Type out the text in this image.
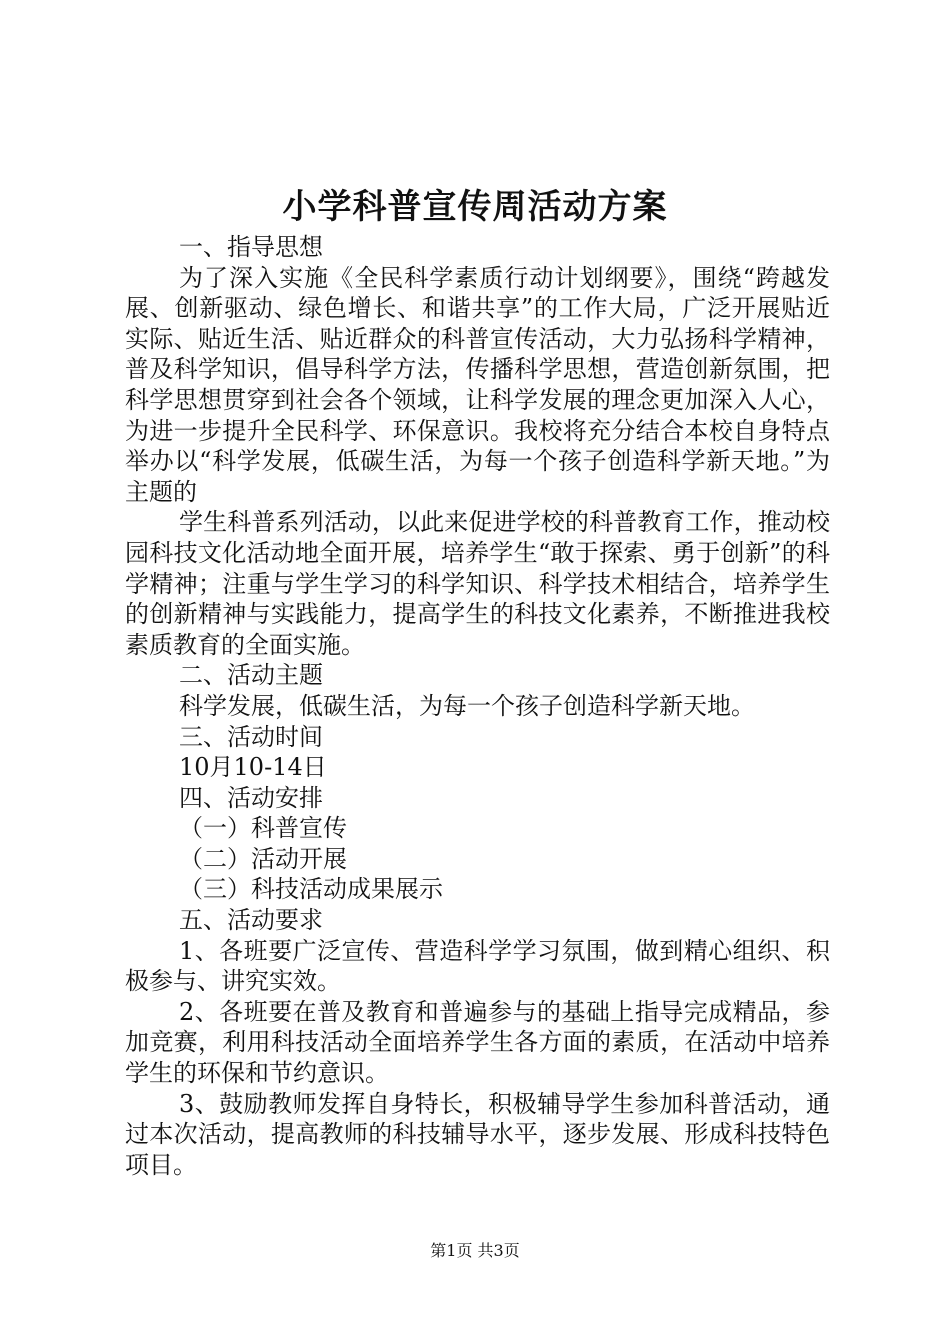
小学科普宣传周活动方案

一、指导思想

为了深入实施《全民科学素质行动计划纲要》，围绕“跨越发展、创新驱动、绿色增长、和谐共享”的工作大局，广泛开展贴近实际、贴近生活、贴近群众的科普宣传活动，大力弘扬科学精神，普及科学知识，倡导科学方法，传播科学思想，营造创新氛围，把科学思想贯穿到社会各个领域，让科学发展的理念更加深入人心，为进一步提升全民科学、环保意识。我校将充分结合本校自身特点举办以“科学发展，低碳生活，为每一个孩子创造科学新天地。”为主题的

学生科普系列活动，以此来促进学校的科普教育工作，推动校园科技文化活动地全面开展，培养学生“敢于探索、勇于创新”的科学精神；注重与学生学习的科学知识、科学技术相结合，培养学生的创新精神与实践能力，提高学生的科技文化素养，不断推进我校素质教育的全面实施。

二、活动主题

科学发展，低碳生活，为每一个孩子创造科学新天地。

三、活动时间

10月10-14日

四、活动安排

（一）科普宣传

（二）活动开展

（三）科技活动成果展示

五、活动要求

1、各班要广泛宣传、营造科学学习氛围，做到精心组织、积极参与、讲究实效。

2、各班要在普及教育和普遍参与的基础上指导完成精品，参加竞赛，利用科技活动全面培养学生各方面的素质，在活动中培养学生的环保和节约意识。

3、鼓励教师发挥自身特长，积极辅导学生参加科普活动，通过本次活动，提高教师的科技辅导水平，逐步发展、形成科技特色项目。

第1页 共3页
